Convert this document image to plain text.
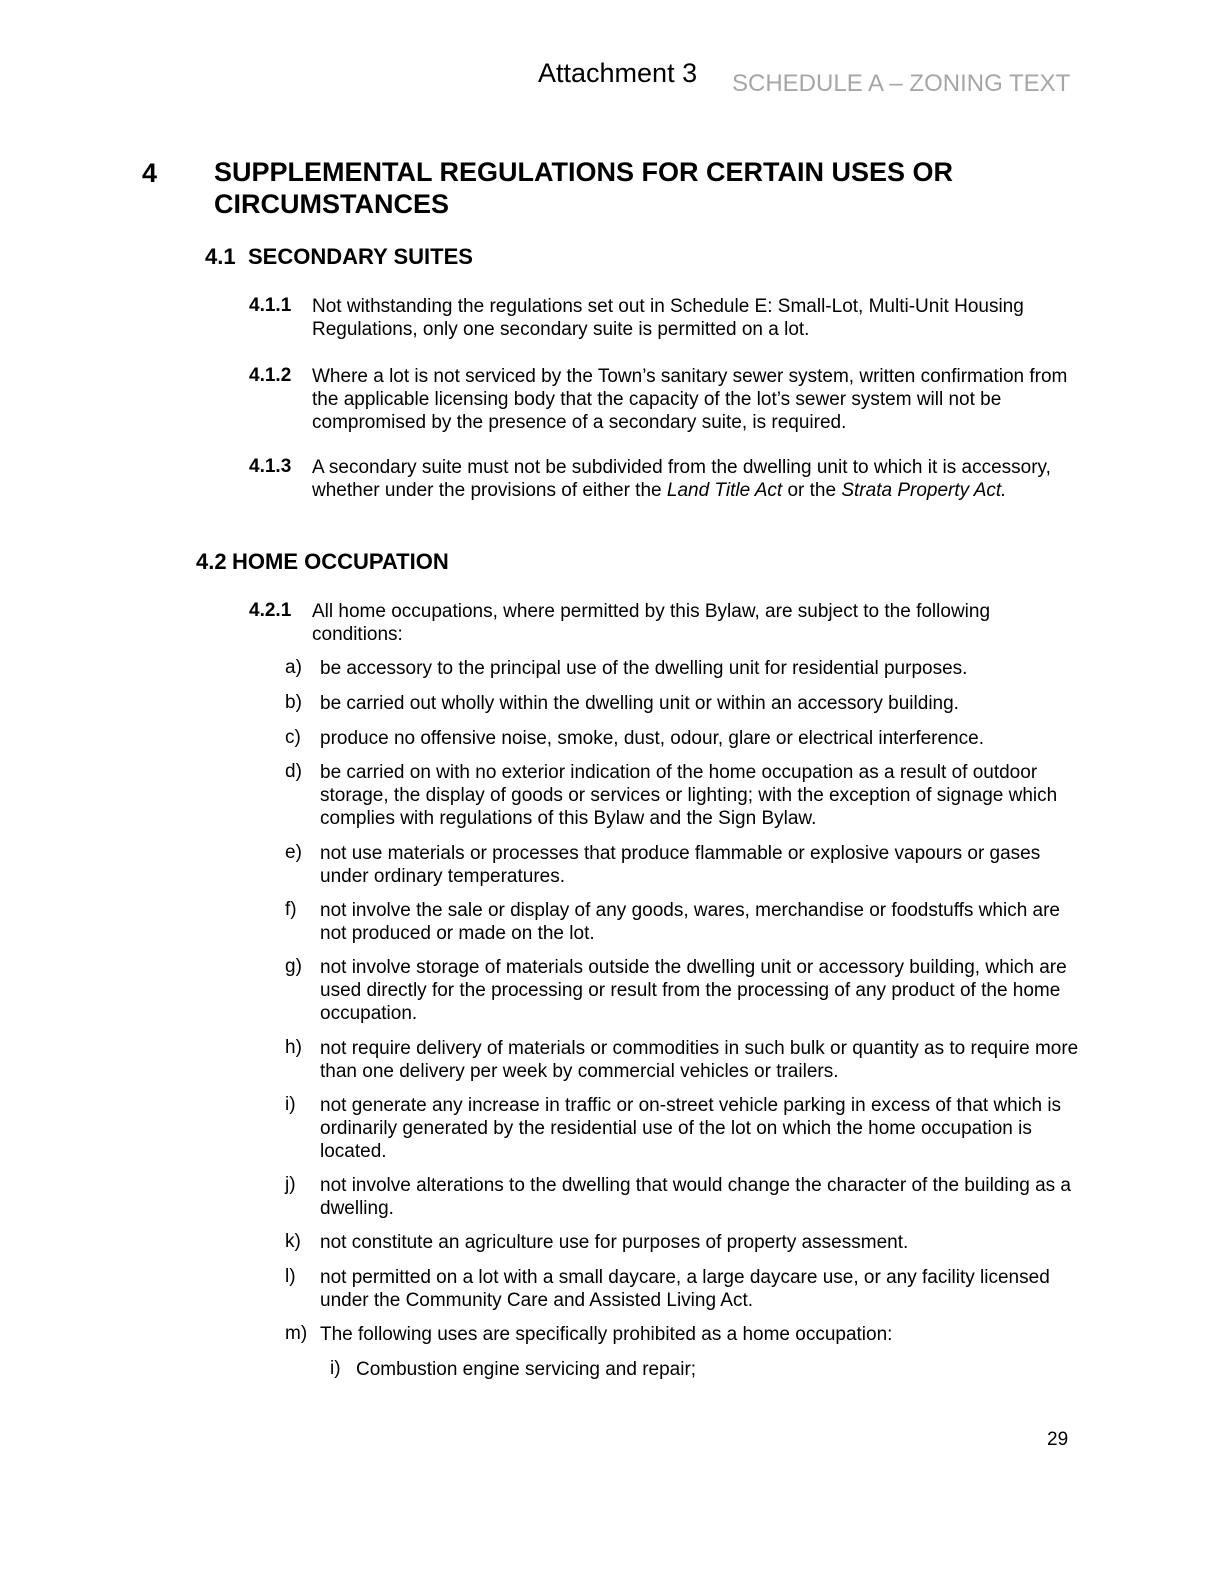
Attachment 3 SCHEDULE A – ZONING TEXT
4 SUPPLEMENTAL REGULATIONS FOR CERTAIN USES OR CIRCUMSTANCES
4.1 SECONDARY SUITES
4.1.1 Not withstanding the regulations set out in Schedule E: Small-Lot, Multi-Unit Housing Regulations, only one secondary suite is permitted on a lot.
4.1.2 Where a lot is not serviced by the Town’s sanitary sewer system, written confirmation from the applicable licensing body that the capacity of the lot’s sewer system will not be compromised by the presence of a secondary suite, is required.
4.1.3 A secondary suite must not be subdivided from the dwelling unit to which it is accessory, whether under the provisions of either the Land Title Act or the Strata Property Act.
4.2 HOME OCCUPATION
4.2.1 All home occupations, where permitted by this Bylaw, are subject to the following conditions:
a) be accessory to the principal use of the dwelling unit for residential purposes.
b) be carried out wholly within the dwelling unit or within an accessory building.
c) produce no offensive noise, smoke, dust, odour, glare or electrical interference.
d) be carried on with no exterior indication of the home occupation as a result of outdoor storage, the display of goods or services or lighting; with the exception of signage which complies with regulations of this Bylaw and the Sign Bylaw.
e) not use materials or processes that produce flammable or explosive vapours or gases under ordinary temperatures.
f) not involve the sale or display of any goods, wares, merchandise or foodstuffs which are not produced or made on the lot.
g) not involve storage of materials outside the dwelling unit or accessory building, which are used directly for the processing or result from the processing of any product of the home occupation.
h) not require delivery of materials or commodities in such bulk or quantity as to require more than one delivery per week by commercial vehicles or trailers.
i) not generate any increase in traffic or on-street vehicle parking in excess of that which is ordinarily generated by the residential use of the lot on which the home occupation is located.
j) not involve alterations to the dwelling that would change the character of the building as a dwelling.
k) not constitute an agriculture use for purposes of property assessment.
l) not permitted on a lot with a small daycare, a large daycare use, or any facility licensed under the Community Care and Assisted Living Act.
m) The following uses are specifically prohibited as a home occupation:
i) Combustion engine servicing and repair;
29
